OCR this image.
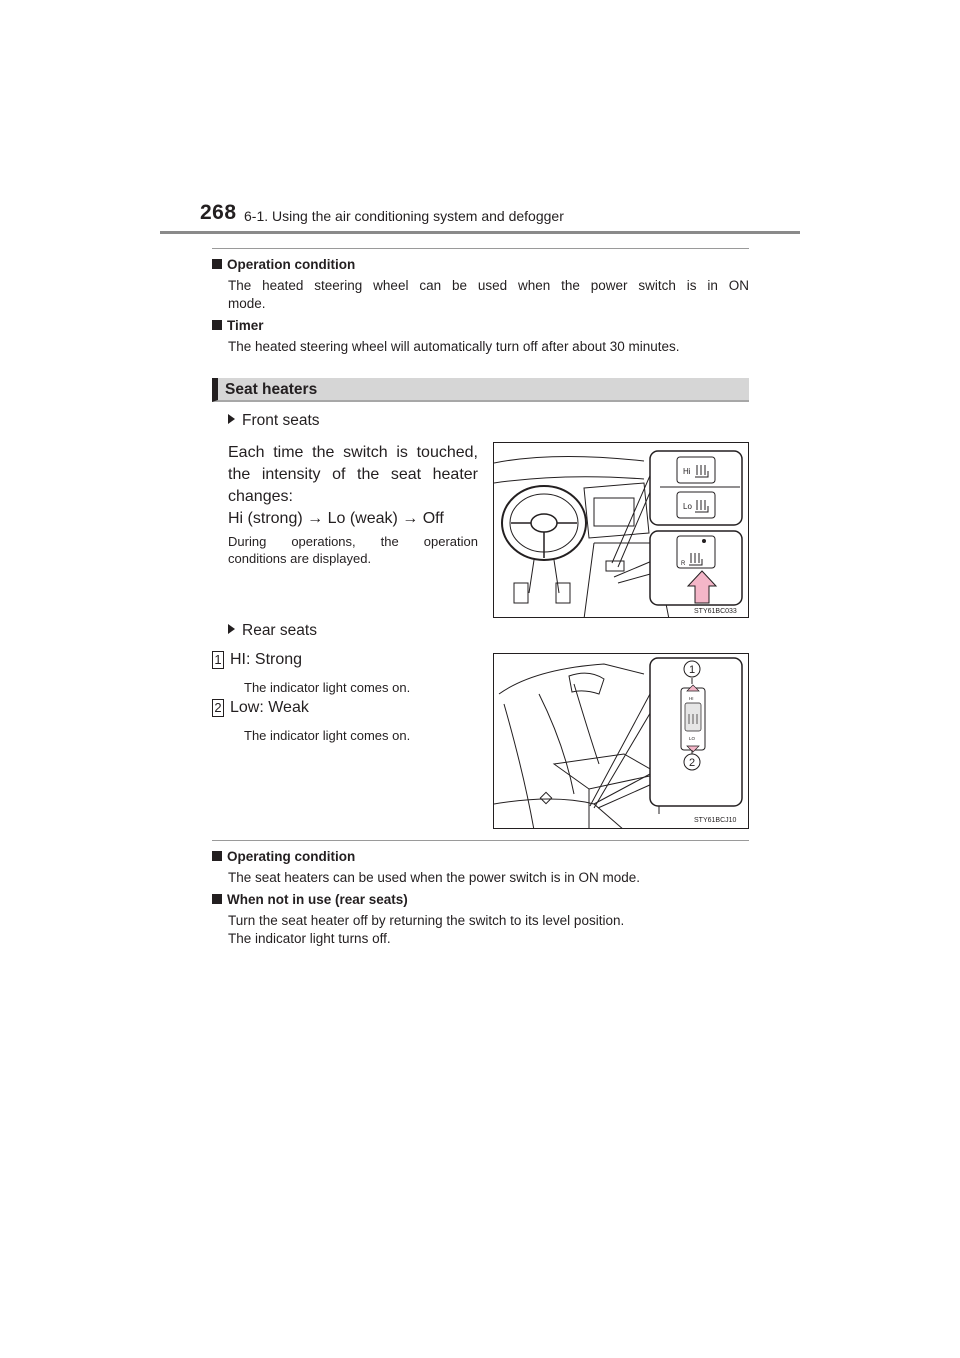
268 6-1. Using the air conditioning system and defogger
Operation condition
The heated steering wheel can be used when the power switch is in ON
mode.
Timer
The heated steering wheel will automatically turn off after about 30 minutes.
Seat heaters
Front seats
Each time the switch is touched,
the intensity of the seat heater
changes:
Hi (strong) → Lo (weak) → Off
During operations, the operation
conditions are displayed.
Hi
Lo
R
STY61BC033
Rear seats
1 HI: Strong
The indicator light comes on.
2 Low: Weak
The indicator light comes on.
1
HI
LO
2
STY61BCJ10
Operating condition
The seat heaters can be used when the power switch is in ON mode.
When not in use (rear seats)
Turn the seat heater off by returning the switch to its level position.
The indicator light turns off.
